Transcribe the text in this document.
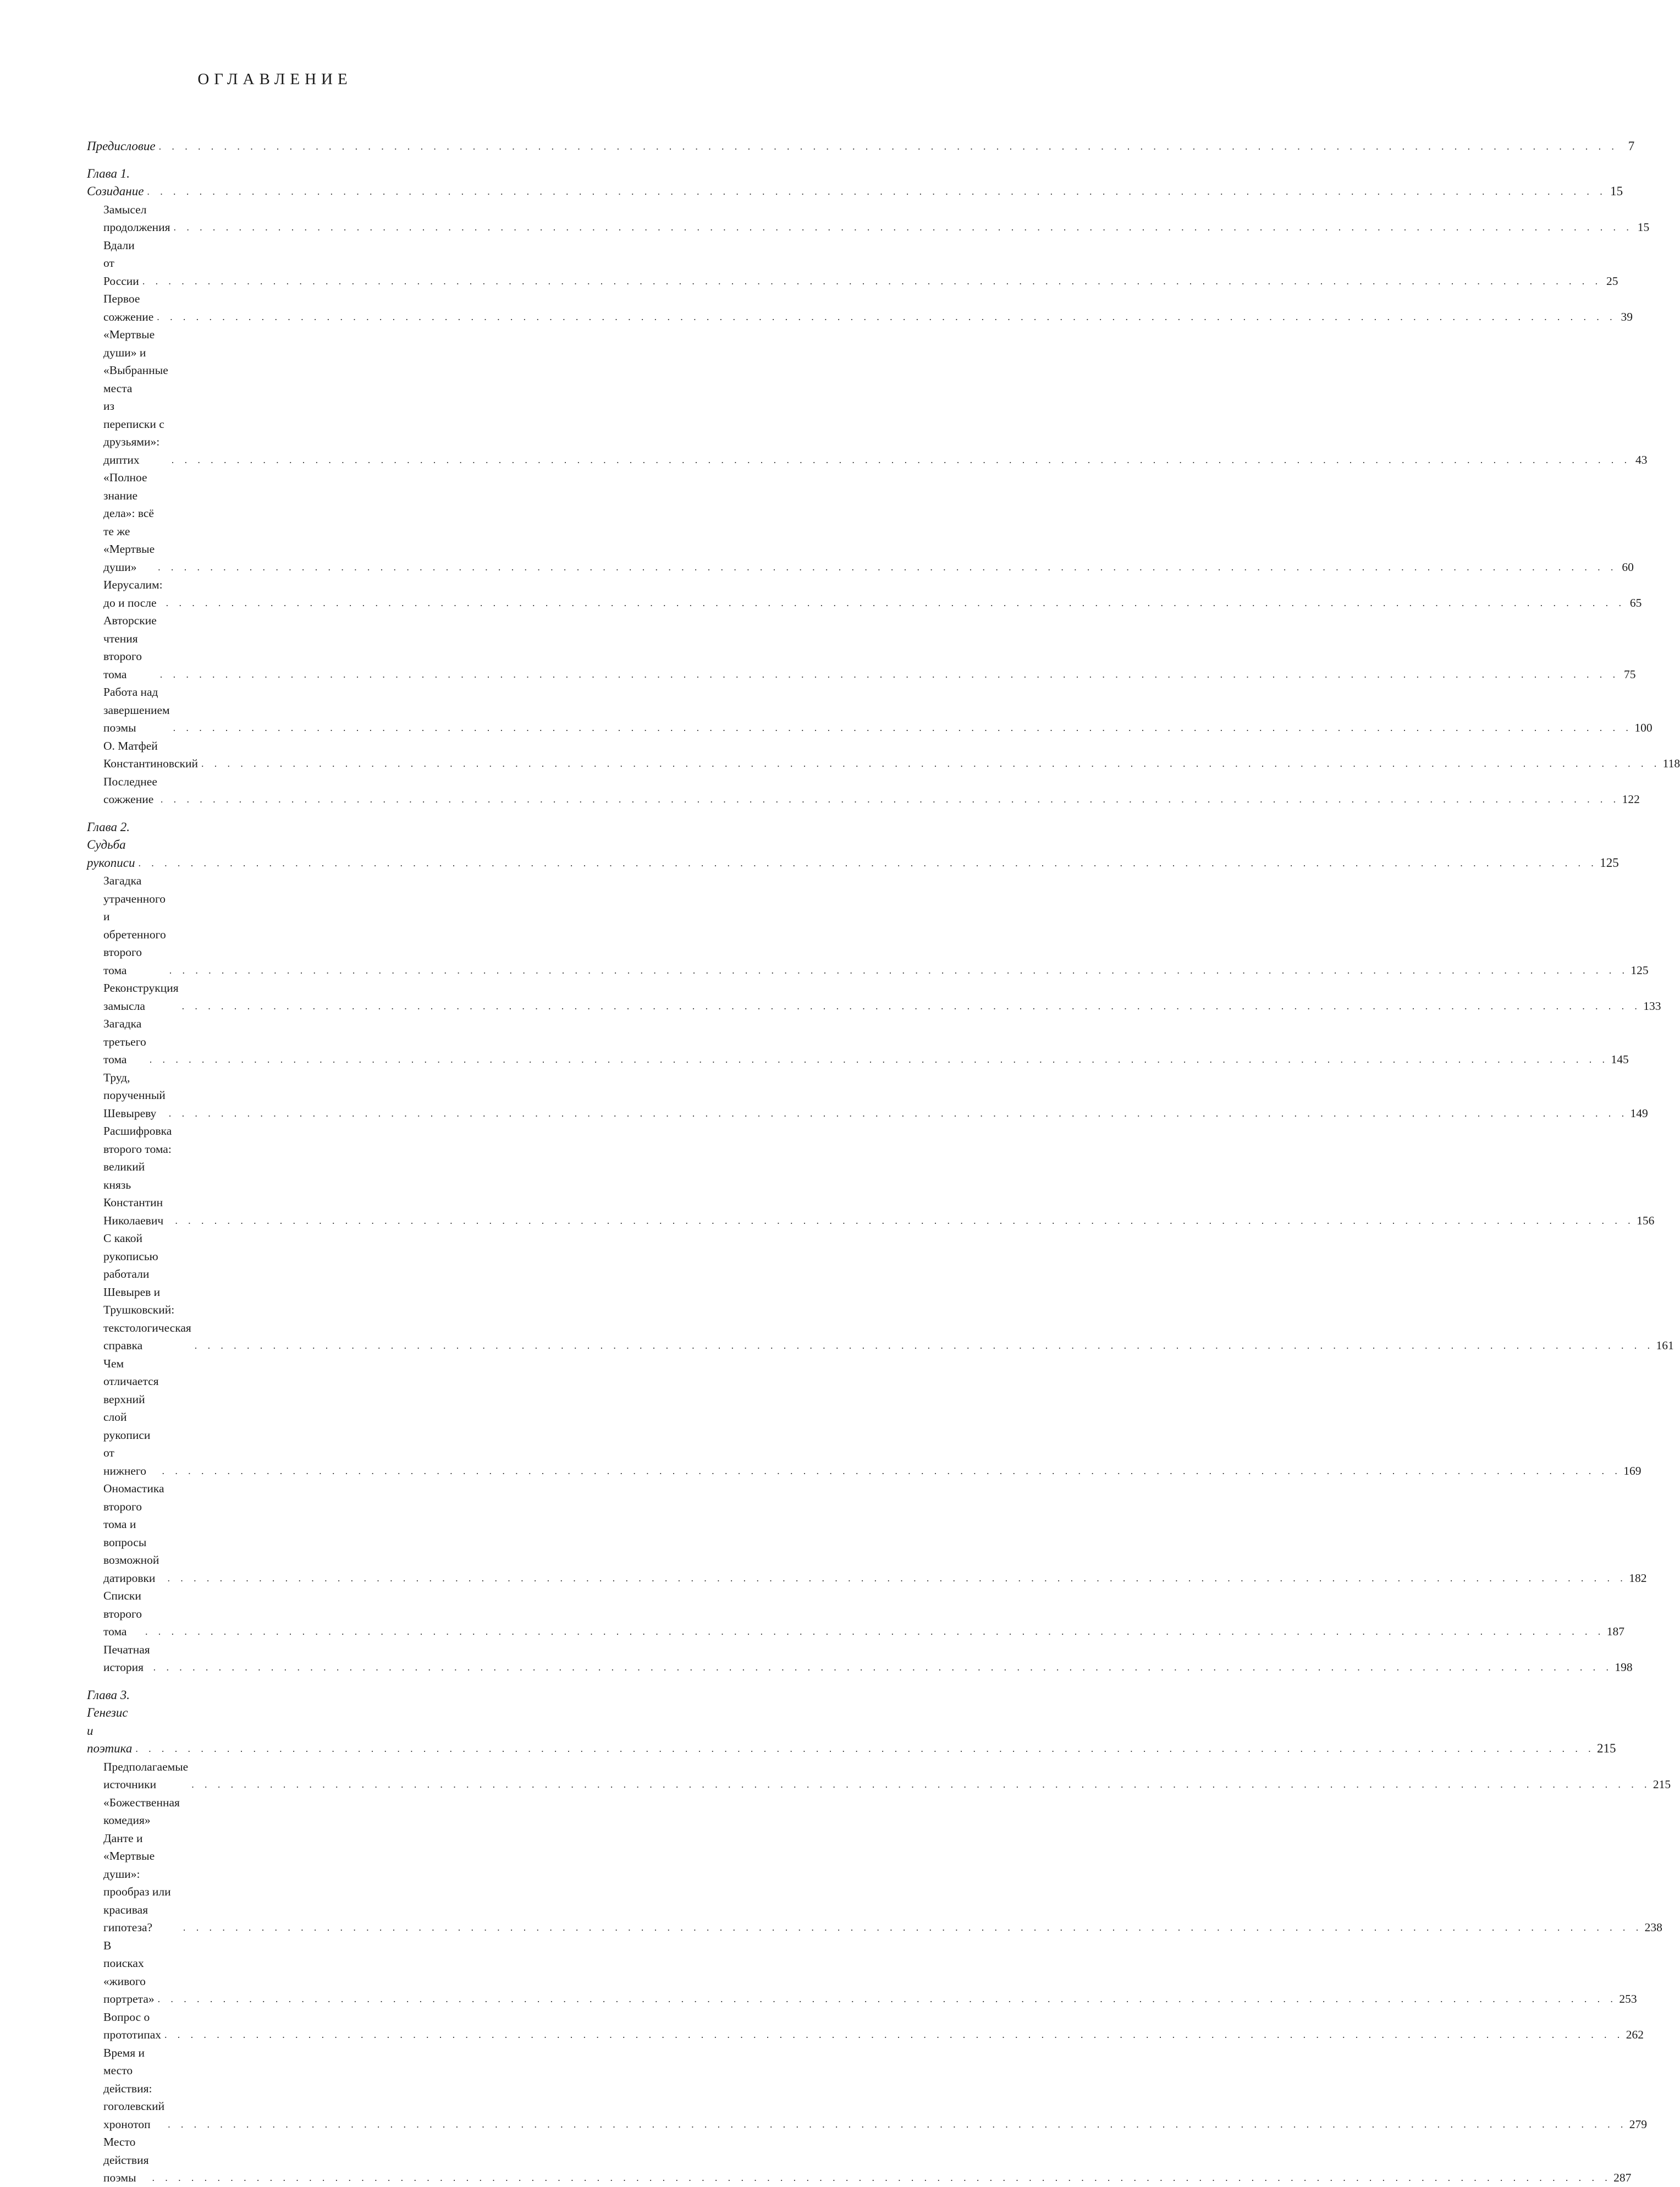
ОГЛАВЛЕНИЕ
Предисловие . . .	7
Глава 1. Созидание . . .	15
Замысел продолжения . . .	15
Вдали от России . . .	25
Первое сожжение . . .	39
«Мертвые души» и «Выбранные места
из переписки с друзьями»: диптих . . .	43
«Полное знание дела»: всё те же «Мертвые души» . . .	60
Иерусалим: до и после . . .	65
Авторские чтения второго тома . . .	75
Работа над завершением поэмы . . .	100
О. Матфей Константиновский . . .	118
Последнее сожжение . . .	122
Глава 2. Судьба рукописи . . .	125
Загадка утраченного и обретенного второго тома . . .	125
Реконструкция замысла . . .	133
Загадка третьего тома . . .	145
Труд, порученный Шевыреву . . .	149
Расшифровка второго тома:
великий князь Константин Николаевич . . .	156
С какой рукописью работали Шевырев и Трушковский:
текстологическая справка . . .	161
Чем отличается верхний слой рукописи от нижнего . . .	169
Ономастика второго тома и вопросы возможной датировки . . .	182
Списки второго тома . . .	187
Печатная история . . .	198
Глава 3. Генезис и поэтика . . .	215
Предполагаемые источники . . .	215
«Божественная комедия» Данте и «Мертвые души»:
прообраз или красивая гипотеза? . . .	238
В поисках «живого портрета» . . .	253
Вопрос о прототипах . . .	262
Время и место действия: гоголевский хронотоп . . .	279
Место действия поэмы . . .	287
